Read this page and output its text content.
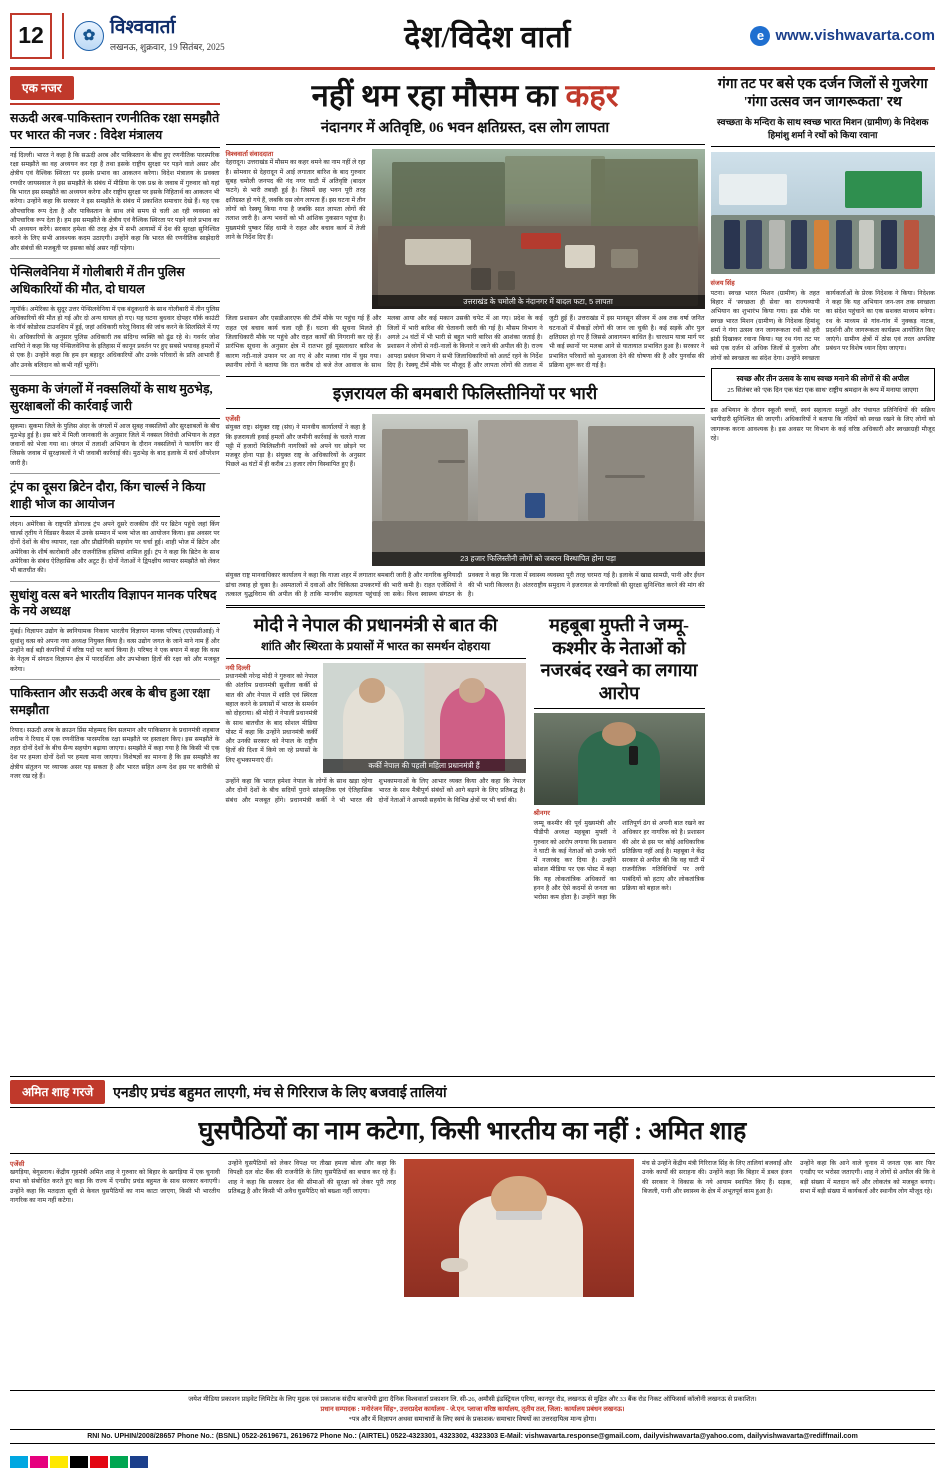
12	✿ विश्ववार्ता
लखनऊ, शुक्रवार, 19 सितंबर, 2025	देश/विदेश वार्ता	e www.vishwavarta.com
एक नजर
सऊदी अरब-पाकिस्तान रणनीतिक रक्षा समझौते पर भारत की नजर : विदेश मंत्रालय
नई दिल्ली। भारत ने कहा है कि सऊदी अरब और पाकिस्तान के बीच हुए रणनीतिक पारस्परिक रक्षा समझौते का वह अध्ययन कर रहा है तथा इसके राष्ट्रीय सुरक्षा पर पड़ने वाले असर और क्षेत्रीय एवं वैश्विक स्थिरता पर इसके प्रभाव का आकलन करेगा। विदेश मंत्रालय के प्रवक्ता रणधीर जायसवाल ने इस समझौते के संबंध में मीडिया के एक प्रश्न के जवाब में गुरुवार को यहां कि भारत इस समझौते का अध्ययन करेगा और राष्ट्रीय सुरक्षा पर इसके निहितार्थ का आकलन भी करेगा। उन्होंने कहा कि सरकार ने इस समझौते के संबंध में प्रकाशित समाचार देखे हैं। यह एक औपचारिक रूप देता है और पाकिस्तान के साथ लंबे समय से चली आ रही व्यवस्था को औपचारिक रूप देता है। हम इस समझौते के क्षेत्रीय एवं वैश्विक स्थिरता पर पड़ने वाले प्रभाव का भी अध्ययन करेंगे। सरकार हमेशा की तरह क्षेत्र में सभी आयामों में देश की सुरक्षा सुनिश्चित करने के लिए सभी आवश्यक कदम उठाएगी। उन्होंने कहा कि भारत की रणनीतिक साझेदारी और संबंधों की मजबूती पर इसका कोई असर नहीं पड़ेगा।
पेन्सिलवेनिया में गोलीबारी में तीन पुलिस अधिकारियों की मौत, दो घायल
न्यूयॉर्क। अमेरिका के सुदूर उत्तर पेन्सिलवेनिया में एक बंदूकधारी के साथ गोलीबारी में तीन पुलिस अधिकारियों की मौत हो गई और दो अन्य घायल हो गए। यह घटना बुधवार दोपहर यॉर्क काउंटी के नॉर्थ कोडोरस टाउनशिप में हुई, जहां अधिकारी घरेलू विवाद की जांच करने के सिलसिले में गए थे। अधिकारियों के अनुसार पुलिस अधिकारी तब संदिग्ध व्यक्ति को ढूंढ रहे थे। गवर्नर जोश शापिरो ने कहा कि यह पेन्सिलवेनिया के इतिहास में कानून प्रवर्तन पर हुए सबसे भयावह हमलों में से एक है। उन्होंने कहा कि हम इन बहादुर अधिकारियों और उनके परिवारों के प्रति आभारी हैं और उनके बलिदान को कभी नहीं भूलेंगे।
सुकमा के जंगलों में नक्सलियों के साथ मुठभेड़, सुरक्षाबलों की कार्रवाई जारी
सुकमा। सुकमा जिले के पुलिस अंदर के जंगलों में आज सुबह नक्सलियों और सुरक्षाबलों के बीच मुठभेड़ हुई है। इस बारे में मिली जानकारी के अनुसार जिले में नक्सल विरोधी अभियान के तहत जवानों को भेजा गया था। जंगल में तलाशी अभियान के दौरान नक्सलियों ने फायरिंग कर दी जिसके जवाब में सुरक्षाबलों ने भी जवाबी कार्रवाई की। मुठभेड़ के बाद इलाके में सर्च ऑपरेशन जारी है।
ट्रंप का दूसरा ब्रिटेन दौरा, किंग चार्ल्स ने किया शाही भोज का आयोजन
लंदन। अमेरिका के राष्ट्रपति डोनाल्ड ट्रंप अपने दूसरे राजकीय दौरे पर ब्रिटेन पहुंचे जहां किंग चार्ल्स तृतीय ने विंडसर कैसल में उनके सम्मान में भव्य भोज का आयोजन किया। इस अवसर पर दोनों देशों के बीच व्यापार, रक्षा और प्रौद्योगिकी सहयोग पर चर्चा हुई। शाही भोज में ब्रिटेन और अमेरिका के शीर्ष कारोबारी और राजनीतिक हस्तियां शामिल हुईं। ट्रंप ने कहा कि ब्रिटेन के साथ अमेरिका के संबंध ऐतिहासिक और अटूट हैं। दोनों नेताओं ने द्विपक्षीय व्यापार समझौते को लेकर भी बातचीत की।
सुधांशु वत्स बने भारतीय विज्ञापन मानक परिषद के नये अध्यक्ष
मुंबई। विज्ञापन उद्योग के स्वनियामक निकाय भारतीय विज्ञापन मानक परिषद (एएससीआई) ने सुधांशु वत्स को अपना नया अध्यक्ष नियुक्त किया है। वत्स उद्योग जगत के जाने माने नाम हैं और उन्होंने कई बड़ी कंपनियों में वरिष्ठ पदों पर कार्य किया है। परिषद ने एक बयान में कहा कि वत्स के नेतृत्व में संगठन विज्ञापन क्षेत्र में पारदर्शिता और उपभोक्ता हितों की रक्षा को और मजबूत करेगा।
पाकिस्तान और सऊदी अरब के बीच हुआ रक्षा समझौता
रियाद। सऊदी अरब के क्राउन प्रिंस मोहम्मद बिन सलमान और पाकिस्तान के प्रधानमंत्री शहबाज शरीफ ने रियाद में एक रणनीतिक पारस्परिक रक्षा समझौते पर हस्ताक्षर किए। इस समझौते के तहत दोनों देशों के बीच सैन्य सहयोग बढ़ाया जाएगा। समझौते में कहा गया है कि किसी भी एक देश पर हमला दोनों देशों पर हमला माना जाएगा। विशेषज्ञों का मानना है कि इस समझौते का क्षेत्रीय संतुलन पर व्यापक असर पड़ सकता है और भारत सहित अन्य देश इस पर बारीकी से नजर रख रहे हैं।
नहीं थम रहा मौसम का कहर
नंदानगर में अतिवृष्टि, 06 भवन क्षतिग्रस्त, दस लोग लापता
विश्ववार्ता संवाददाता
देहरादून। उत्तराखंड में मौसम का कहर थमने का नाम नहीं ले रहा है। सोमवार से देहरादून में आई लगातार बारिश के बाद गुरुवार सुबह चमोली जनपद की नंद नगर घाटी में अतिवृष्टि (बादल फटने) से भारी तबाही हुई है। जिसमें छह भवन पूरी तरह क्षतिग्रस्त हो गये हैं, जबकि दस लोग लापता हैं। इस घटना में तीन लोगों को रेस्क्यू किया गया है जबकि सात लापता लोगों की तलाश जारी है। अन्य भवनों को भी आंशिक नुकसान पहुंचा है। मुख्यमंत्री पुष्कर सिंह धामी ने राहत और बचाव कार्य में तेजी लाने के निर्देश दिए हैं।
उत्तराखंड के चमोली के नंदानगर में बादल फटा, 5 लापता
जिला प्रशासन और एसडीआरएफ की टीमें मौके पर पहुंच गई हैं और राहत एवं बचाव कार्य चला रही हैं। घटना की सूचना मिलते ही जिलाधिकारी मौके पर पहुंचे और राहत कार्यों की निगरानी कर रहे हैं। प्रारंभिक सूचना के अनुसार क्षेत्र में रातभर हुई मूसलाधार बारिश के कारण नदी-नाले उफान पर आ गए थे और मलबा गांव में घुस गया। स्थानीय लोगों ने बताया कि रात करीब दो बजे तेज आवाज के साथ मलबा आया और कई मकान उसकी चपेट में आ गए। प्रदेश के कई जिलों में भारी बारिश की चेतावनी जारी की गई है। मौसम विभाग ने अगले 24 घंटों में भी भारी से बहुत भारी बारिश की आशंका जताई है। प्रशासन ने लोगों से नदी-नालों के किनारे न जाने की अपील की है। राज्य आपदा प्रबंधन विभाग ने सभी जिलाधिकारियों को अलर्ट रहने के निर्देश दिए हैं। रेस्क्यू टीमें मौके पर मौजूद हैं और लापता लोगों की तलाश में जुटी हुई हैं। उत्तराखंड में इस मानसून सीजन में अब तक वर्षा जनित घटनाओं में सैकड़ों लोगों की जान जा चुकी है। कई सड़कें और पुल क्षतिग्रस्त हो गए हैं जिससे आवागमन बाधित है। चारधाम यात्रा मार्ग पर भी कई स्थानों पर मलबा आने से यातायात प्रभावित हुआ है। सरकार ने प्रभावित परिवारों को मुआवजा देने की घोषणा की है और पुनर्वास की प्रक्रिया शुरू कर दी गई है।
इज़रायल की बमबारी फिलिस्तीनियों पर भारी
एजेंसी
संयुक्त राष्ट्र। संयुक्त राष्ट्र (संघ) ने मानवीय कार्यालयों ने कहा है कि इजरायली हवाई हमलों और जमीनी कार्रवाई के चलते गाजा पट्टी में हजारों फिलिस्तीनी नागरिकों को अपने घर छोड़ने पर मजबूर होना पड़ा है। संयुक्त राष्ट्र के अधिकारियों के अनुसार पिछले 48 घंटों में ही करीब 23 हजार लोग विस्थापित हुए हैं।
23 हजार फिलिस्तीनी लोगों को जबरन विस्थापित होना पड़ा
संयुक्त राष्ट्र मानवाधिकार कार्यालय ने कहा कि गाजा शहर में लगातार बमबारी जारी है और नागरिक बुनियादी ढांचा तबाह हो चुका है। अस्पतालों में दवाओं और चिकित्सा उपकरणों की भारी कमी है। राहत एजेंसियों ने तत्काल युद्धविराम की अपील की है ताकि मानवीय सहायता पहुंचाई जा सके। विश्व स्वास्थ्य संगठन के प्रवक्ता ने कहा कि गाजा में स्वास्थ्य व्यवस्था पूरी तरह चरमरा गई है। इलाके में खाद्य सामग्री, पानी और ईंधन की भी भारी किल्लत है। अंतरराष्ट्रीय समुदाय ने इजरायल से नागरिकों की सुरक्षा सुनिश्चित करने की मांग की है।
मोदी ने नेपाल की प्रधानमंत्री से बात की
शांति और स्थिरता के प्रयासों में भारत का समर्थन दोहराया
नयी दिल्ली
प्रधानमंत्री नरेन्द्र मोदी ने गुरुवार को नेपाल की अंतरिम प्रधानमंत्री सुशीला कर्की से बात की और नेपाल में शांति एवं स्थिरता बहाल करने के प्रयासों में भारत के समर्थन को दोहराया। श्री मोदी ने नेपाली प्रधानमंत्री के साथ बातचीत के बाद सोशल मीडिया पोस्ट में कहा कि उन्होंने प्रधानमंत्री कर्की और उनकी सरकार को नेपाल के राष्ट्रीय हितों की दिशा में किये जा रहे प्रयासों के लिए शुभकामनाएं दीं।
कर्की नेपाल की पहली महिला प्रधानमंत्री हैं
उन्होंने कहा कि भारत हमेशा नेपाल के लोगों के साथ खड़ा रहेगा और दोनों देशों के बीच सदियों पुराने सांस्कृतिक एवं ऐतिहासिक संबंध और मजबूत होंगे। प्रधानमंत्री कर्की ने भी भारत की शुभकामनाओं के लिए आभार व्यक्त किया और कहा कि नेपाल भारत के साथ मैत्रीपूर्ण संबंधों को आगे बढ़ाने के लिए प्रतिबद्ध है। दोनों नेताओं ने आपसी सहयोग के विभिन्न क्षेत्रों पर भी चर्चा की।
महबूबा मुफ्ती ने जम्मू-कश्मीर के नेताओं को नजरबंद रखने का लगाया आरोप
श्रीनगर
जम्मू कश्मीर की पूर्व मुख्यमंत्री और पीडीपी अध्यक्ष महबूबा मुफ्ती ने गुरुवार को आरोप लगाया कि प्रशासन ने घाटी के कई नेताओं को उनके घरों में नजरबंद कर दिया है। उन्होंने सोशल मीडिया पर एक पोस्ट में कहा कि यह लोकतांत्रिक अधिकारों का हनन है और ऐसे कदमों से जनता का भरोसा कम होता है। उन्होंने कहा कि शांतिपूर्ण ढंग से अपनी बात रखने का अधिकार हर नागरिक को है। प्रशासन की ओर से इस पर कोई आधिकारिक प्रतिक्रिया नहीं आई है। महबूबा ने केंद्र सरकार से अपील की कि वह घाटी में राजनीतिक गतिविधियों पर लगी पाबंदियों को हटाए और लोकतांत्रिक प्रक्रिया को बहाल करे।
गंगा तट पर बसे एक दर्जन जिलों से गुजरेगा 'गंगा उत्सव जन जागरूकता' रथ
स्वच्छता के मन्दिरा के साथ स्वच्छ भारत मिशन (ग्रामीण) के निदेशक हिमांशु शर्मा ने रथों को किया रवाना
संजय सिंह
पटना। स्वच्छ भारत मिशन (ग्रामीण) के तहत बिहार में 'स्वच्छता ही सेवा' का राज्यव्यापी अभियान का शुभारंभ किया गया। इस मौके पर स्वच्छ भारत मिशन (ग्रामीण) के निदेशक हिमांशु शर्मा ने गंगा उत्सव जन जागरूकता रथों को हरी झंडी दिखाकर रवाना किया। यह रथ गंगा तट पर बसे एक दर्जन से अधिक जिलों से गुजरेगा और लोगों को स्वच्छता का संदेश देगा। उन्होंने स्वच्छता कार्यकर्ताओं के प्रेरक निदेशक ने किया। निदेशक ने कहा कि यह अभियान जन-जन तक स्वच्छता का संदेश पहुंचाने का एक सशक्त माध्यम बनेगा। रथ के माध्यम से गांव-गांव में नुक्कड़ नाटक, प्रदर्शनी और जागरूकता कार्यक्रम आयोजित किए जाएंगे। ग्रामीण क्षेत्रों में ठोस एवं तरल अपशिष्ट प्रबंधन पर विशेष ध्यान दिया जाएगा।
स्वच्छ और तीन उत्सव के साथ स्वच्छ मनाने की लोगों से की अपील
25 सितंबर को 'एक दिन एक घंटा एक साथ' राष्ट्रीय श्रमदान के रूप में मनाया जाएगा
इस अभियान के दौरान स्कूली बच्चों, स्वयं सहायता समूहों और पंचायत प्रतिनिधियों की सक्रिय भागीदारी सुनिश्चित की जाएगी। अधिकारियों ने बताया कि नदियों को स्वच्छ रखने के लिए लोगों को जागरूक करना आवश्यक है। इस अवसर पर विभाग के कई वरिष्ठ अधिकारी और स्वच्छाग्रही मौजूद रहे।
अमित शाह गरजे	एनडीए प्रचंड बहुमत लाएगी, मंच से गिरिराज के लिए बजवाई तालियां
घुसपैठियों का नाम कटेगा, किसी भारतीय का नहीं : अमित शाह
एजेंसी
खगड़िया, बेगूसराय। केंद्रीय गृहमंत्री अमित शाह ने गुरुवार को बिहार के खगड़िया में एक चुनावी सभा को संबोधित करते हुए कहा कि राज्य में एनडीए प्रचंड बहुमत के साथ सरकार बनाएगी। उन्होंने कहा कि मतदाता सूची से केवल घुसपैठियों का नाम काटा जाएगा, किसी भी भारतीय नागरिक का नाम नहीं कटेगा।
उन्होंने घुसपैठियों को लेकर विपक्ष पर तीखा हमला बोला और कहा कि विपक्षी दल वोट बैंक की राजनीति के लिए घुसपैठियों का बचाव कर रहे हैं। शाह ने कहा कि सरकार देश की सीमाओं की सुरक्षा को लेकर पूरी तरह प्रतिबद्ध है और किसी भी अवैध घुसपैठिए को बख्शा नहीं जाएगा।
मंच से उन्होंने केंद्रीय मंत्री गिरिराज सिंह के लिए तालियां बजवाईं और उनके कार्यों की सराहना की। उन्होंने कहा कि बिहार में डबल इंजन की सरकार ने विकास के नये आयाम स्थापित किए हैं। सड़क, बिजली, पानी और स्वास्थ्य के क्षेत्र में अभूतपूर्व काम हुआ है।
उन्होंने कहा कि आने वाले चुनाव में जनता एक बार फिर एनडीए पर भरोसा जताएगी। शाह ने लोगों से अपील की कि वे बड़ी संख्या में मतदान करें और लोकतंत्र को मजबूत बनाएं। सभा में बड़ी संख्या में कार्यकर्ता और स्थानीय लोग मौजूद रहे।
जयेश मीडिया प्रकाशन प्राइवेट लिमिटेड के लिए मुद्रक एवं प्रकाशक संदीप बाजपेयी द्वारा दैनिक विश्ववार्ता प्रकाशन लि. सी-26, अमौसी इंडस्ट्रियल एरिया, कानपुर रोड, लखनऊ से मुद्रित और 33 बैंक रोड निकट ऑफिसर्स कॉलोनी लखनऊ से प्रकाशित।
प्रधान सम्पादक : मनोरंजन सिंह*, उत्तरप्रदेश कार्यालय - जे.एन. प्लाजा वरिष्ठ कार्यालय, तृतीय तल, जिला: कार्यालय प्रबंधन लखनऊ।
*पत्र और में विज्ञापन अथवा समाचारों के लिए स्वयं के प्रकाशक/ समाचार विषयों का उत्तरदायित्व मान्य होगा।
RNI No. UPHIN/2008/28657 Phone No.: (BSNL) 0522-2619671, 2619672 Phone No.: (AIRTEL) 0522-4323301, 4323302, 4323303 E-Mail: vishwavarta.response@gmail.com, dailyvishwavarta@yahoo.com, dailyvishwavarta@rediffmail.com
